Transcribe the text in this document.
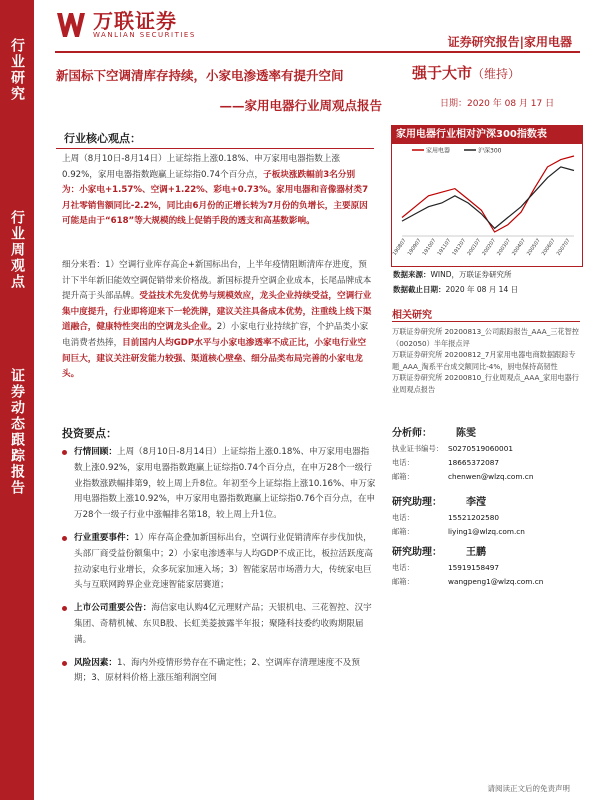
行业研究
行业周观点
证券动态跟踪报告
万联证券
WANLIAN SECURITIES
证券研究报告|家用电器
新国标下空调清库存持续，小家电渗透率有提升空间
——家用电器行业周观点报告
强于大市（维持）
日期：2020 年 08 月 17 日
行业核心观点：
上周（8月10日-8月14日）上证综指上涨0.18%、申万家用电器指数上涨0.92%，家用电器指数跑赢上证综指0.74个百分点，子板块涨跌幅前3名分别为：小家电+1.57%、空调+1.22%、彩电+0.73%。家用电器和音像器材类7月社零销售额同比-2.2%，同比由6月份的正增长转为7月份的负增长，主要原因可能是由于“618”等大规模的线上促销手段的透支和高基数影响。
细分来看：1）空调行业库存高企+新国标出台，上半年疫情阻断清库存进度，预计下半年新旧能效空调促销带来价格战。新国标提升空调企业成本，长尾品牌成本提升高于头部品牌。受益技术先发优势与规模效应，龙头企业持续受益，空调行业集中度提升，行业即将迎来下一轮洗牌，建议关注具备成本优势，注重线上线下渠道融合，健康特性突出的空调龙头企业。2）小家电行业持续扩容，个护品类小家电消费者热捧，目前国内人均GDP水平与小家电渗透率不成正比，小家电行业空间巨大，建议关注研发能力较强、渠道核心壁垒、细分品类布局完善的小家电龙头。
投资要点：
行情回顾：上周（8月10日-8月14日）上证综指上涨0.18%、申万家用电器指数上涨0.92%，家用电器指数跑赢上证综指0.74个百分点，在申万28个一级行业指数涨跌幅排第9，较上周上升8位。年初至今上证综指上涨10.16%、申万家用电器指数上涨10.92%，申万家用电器指数跑赢上证综指0.76个百分点，在申万28个一级子行业中涨幅排名第18，较上周上升1位。
行业重要事件：1）库存高企叠加新国标出台，空调行业促销清库存步伐加快，头部厂商受益份额集中；2）小家电渗透率与人均GDP不成正比，板拉活跃度高拉动家电行业增长，众多玩家加速入场；3）智能家居市场潜力大，传统家电巨头与互联网跨界企业竞速智能家居赛道；
上市公司重要公告：海信家电认购4亿元理财产品；天银机电、三花智控、汉宇集团、奇精机械、东贝B股、长虹美菱披露半年报；聚隆科技委约收购期限届满。
风险因素：1、海内外疫情形势存在不确定性；2、空调库存清理速度不及预期；3、原材料价格上涨压缩利润空间
家用电器行业相对沪深300指数表
家用电器	沪深300
190807 190907 191007 191107 191207 200107 200207 200307 200407 200507 200607 200707
数据来源：WIND，万联证券研究所
数据截止日期：2020 年 08 月 14 日
相关研究
万联证券研究所 20200813_公司跟踪报告_AAA_三花智控（002050）半年报点评
万联证券研究所 20200812_7月家用电器电商数据跟踪专题_AAA_淘系平台成交额同比-4%，厨电保持高韧性
万联证券研究所 20200810_行业周观点_AAA_家用电器行业周观点报告
分析师： 陈雯
执业证书编号： S0270519060001
电话：	18665372087
邮箱：	chenwen@wlzq.com.cn
研究助理： 李滢
电话：	15521202580
邮箱：	liying1@wlzq.com.cn
研究助理： 王鹏
电话：	15919158497
邮箱：	wangpeng1@wlzq.com.cn
请阅读正文后的免责声明
